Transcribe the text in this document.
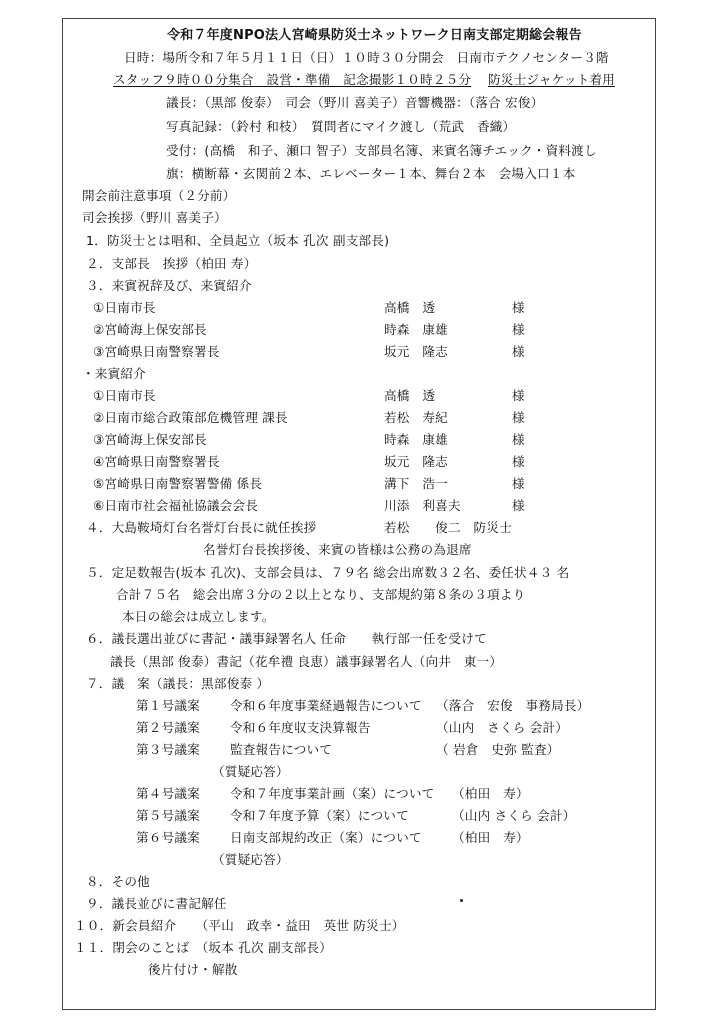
令和７年度NPO法人宮崎県防災士ネットワーク日南支部定期総会報告
日時：場所令和７年５月１１日（日）１０時３０分開会　日南市テクノセンター３階
スタッフ９時００分集合　設営・準備　記念撮影１０時２５分 防災士ジャケット着用
議長：（黒部 俊泰）　司会（野川 喜美子）音響機器：（落合 宏俊）
写真記録：（鈴村 和枝）　質問者にマイク渡し（荒武　香織）
受付：(高橋　和子、瀬口 智子）支部員名簿、来賓名簿チエック・資料渡し
旗：横断幕・玄関前２本、エレベーター１本、舞台２本　会場入口１本
開会前注意事項（２分前）
司会挨拶（野川 喜美子）
1．防災士とは唱和、全員起立（坂本 孔次 副支部長)
２．支部長　挨拶（柏田 寿）
３．来賓祝辞及び、来賓紹介
①日南市長	高橋　透	様
②宮崎海上保安部長	時森　康雄	様
③宮崎県日南警察署長	坂元　隆志	様
・来賓紹介
①日南市長	高橋　透	様
②日南市総合政策部危機管理 課長	若松　寿紀	様
③宮崎海上保安部長	時森　康雄	様
④宮崎県日南警察署長	坂元　隆志	様
⑤宮崎県日南警察署警備 係長	溝下　浩一	様
⑥日南市社会福祉協議会会長	川添　利喜夫	様
４．大島鞍埼灯台名誉灯台長に就任挨拶	若松　　俊二　防災士
名誉灯台長挨拶後、来賓の皆様は公務の為退席
５．定足数報告(坂本 孔次)、支部会員は、７９名 総会出席数３２名、委任状４３ 名
合計７５名　総会出席３分の２以上となり、支部規約第８条の３項より
本日の総会は成立します。
６．議長選出並びに書記・議事録署名人 任命　　執行部一任を受けて
議長（黒部 俊泰）書記（花牟禮 良恵）議事録署名人（向井　東一）
７．議　案（議長：黒部俊泰 ）
第１号議案 令和６年度事業経過報告について （落合　宏俊　事務局長）
第２号議案 令和６年度収支決算報告	（山内　さくら 会計）
第３号議案 監査報告について	（ 岩倉　史弥 監査）
（質疑応答）
第４号議案 令和７年度事業計画（案）について （柏田　寿）
第５号議案 令和７年度予算（案）について	（山内 さくら 会計）
第６号議案 日南支部規約改正（案）について （柏田　寿）
（質疑応答）
８．その他
９．議長並びに書記解任
１０．新会員紹介　　（平山　政幸・益田　英世 防災士）
１１．閉会のことば　（坂本 孔次 副支部長）
後片付け・解散
